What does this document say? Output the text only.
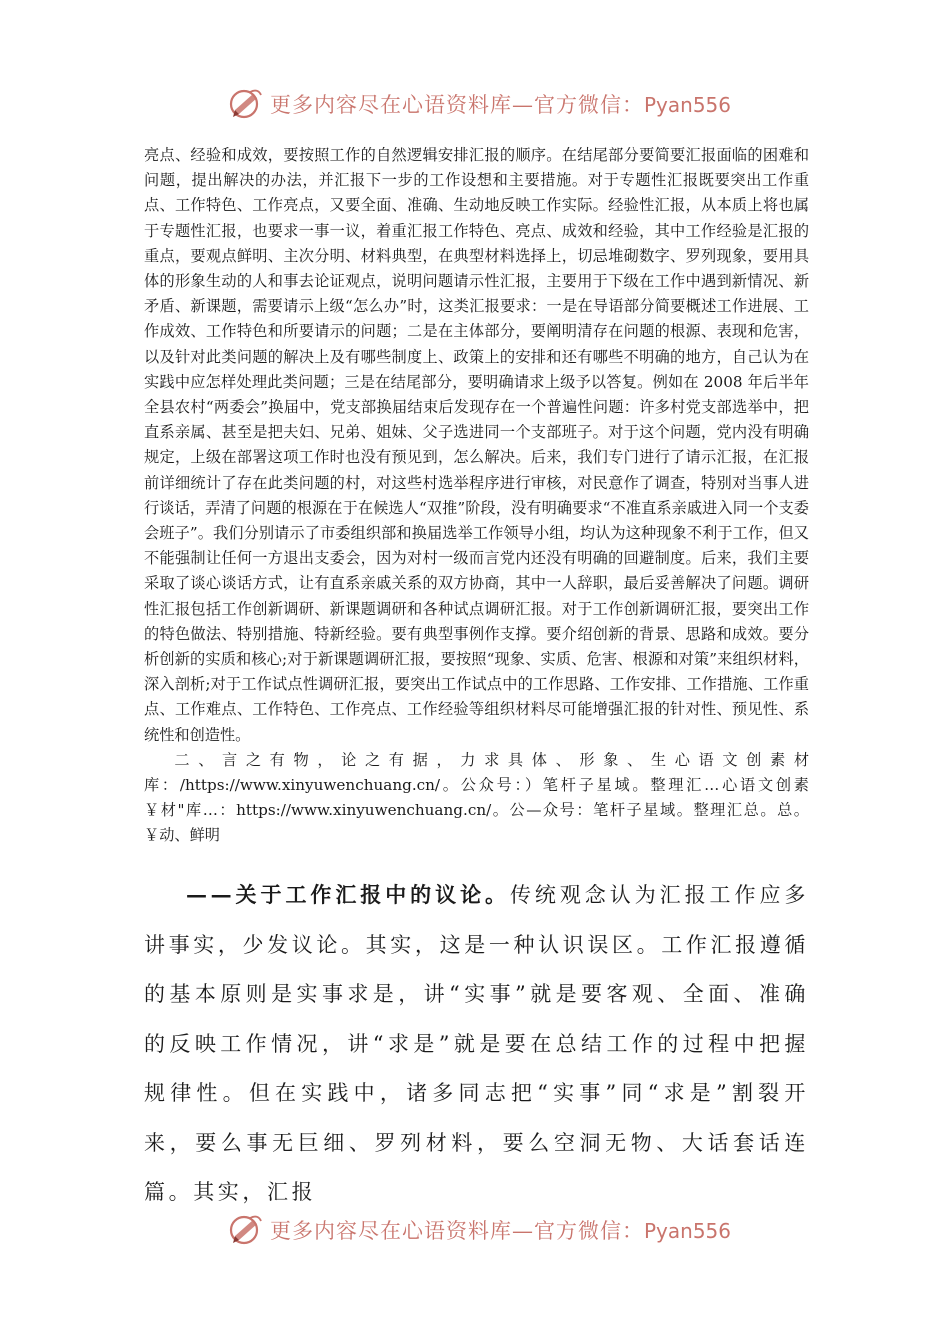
更多内容尽在心语资料库—官方微信：Pyan556

亮点、经验和成效，要按照工作的自然逻辑安排汇报的顺序。在结尾部分要简要汇报面临的困难和问题，提出解决的办法，并汇报下一步的工作设想和主要措施。对于专题性汇报既要突出工作重点、工作特色、工作亮点，又要全面、准确、生动地反映工作实际。经验性汇报，从本质上将也属于专题性汇报，也要求一事一议，着重汇报工作特色、亮点、成效和经验，其中工作经验是汇报的重点，要观点鲜明、主次分明、材料典型，在典型材料选择上，切忌堆砌数字、罗列现象，要用具体的形象生动的人和事去论证观点，说明问题请示性汇报，主要用于下级在工作中遇到新情况、新矛盾、新课题，需要请示上级“怎么办”时，这类汇报要求：一是在导语部分简要概述工作进展、工作成效、工作特色和所要请示的问题；二是在主体部分，要阐明清存在问题的根源、表现和危害，以及针对此类问题的解决上及有哪些制度上、政策上的安排和还有哪些不明确的地方，自己认为在实践中应怎样处理此类问题；三是在结尾部分，要明确请求上级予以答复。例如在 2008 年后半年全县农村“两委会”换届中，党支部换届结束后发现存在一个普遍性问题：许多村党支部选举中，把直系亲属、甚至是把夫妇、兄弟、姐妹、父子选进同一个支部班子。对于这个问题，党内没有明确规定，上级在部署这项工作时也没有预见到，怎么解决。后来，我们专门进行了请示汇报，在汇报前详细统计了存在此类问题的村，对这些村选举程序进行审核，对民意作了调查，特别对当事人进行谈话，弄清了问题的根源在于在候选人“双推”阶段，没有明确要求“不准直系亲戚进入同一个支委会班子”。我们分别请示了市委组织部和换届选举工作领导小组，均认为这种现象不利于工作，但又不能强制让任何一方退出支委会，因为对村一级而言党内还没有明确的回避制度。后来，我们主要采取了谈心谈话方式，让有直系亲戚关系的双方协商，其中一人辞职，最后妥善解决了问题。调研性汇报包括工作创新调研、新课题调研和各种试点调研汇报。对于工作创新调研汇报，要突出工作的特色做法、特别措施、特新经验。要有典型事例作支撑。要介绍创新的背景、思路和成效。要分析创新的实质和核心;对于新课题调研汇报，要按照“现象、实质、危害、根源和对策”来组织材料，深入剖析;对于工作试点性调研汇报，要突出工作试点中的工作思路、工作安排、工作措施、工作重点、工作难点、工作特色、工作亮点、工作经验等组织材料尽可能增强汇报的针对性、预见性、系统性和创造性。

二、言之有物，论之有据，力求具体、形象、生心语文创素材库：/https://www.xinyuwenchuang.cn/。公众号：）笔杆子星域。整理汇…心语文创素￥材"库…：https://www.xinyuwenchuang.cn/。公—众号：笔杆子星域。整理汇总。总。￥动、鲜明

——关于工作汇报中的议论。传统观念认为汇报工作应多讲事实，少发议论。其实，这是一种认识误区。工作汇报遵循的基本原则是实事求是，讲“实事”就是要客观、全面、准确的反映工作情况，讲“求是”就是要在总结工作的过程中把握规律性。但在实践中，诸多同志把“实事”同“求是”割裂开来，要么事无巨细、罗列材料，要么空洞无物、大话套话连篇。其实，汇报

更多内容尽在心语资料库—官方微信：Pyan556
